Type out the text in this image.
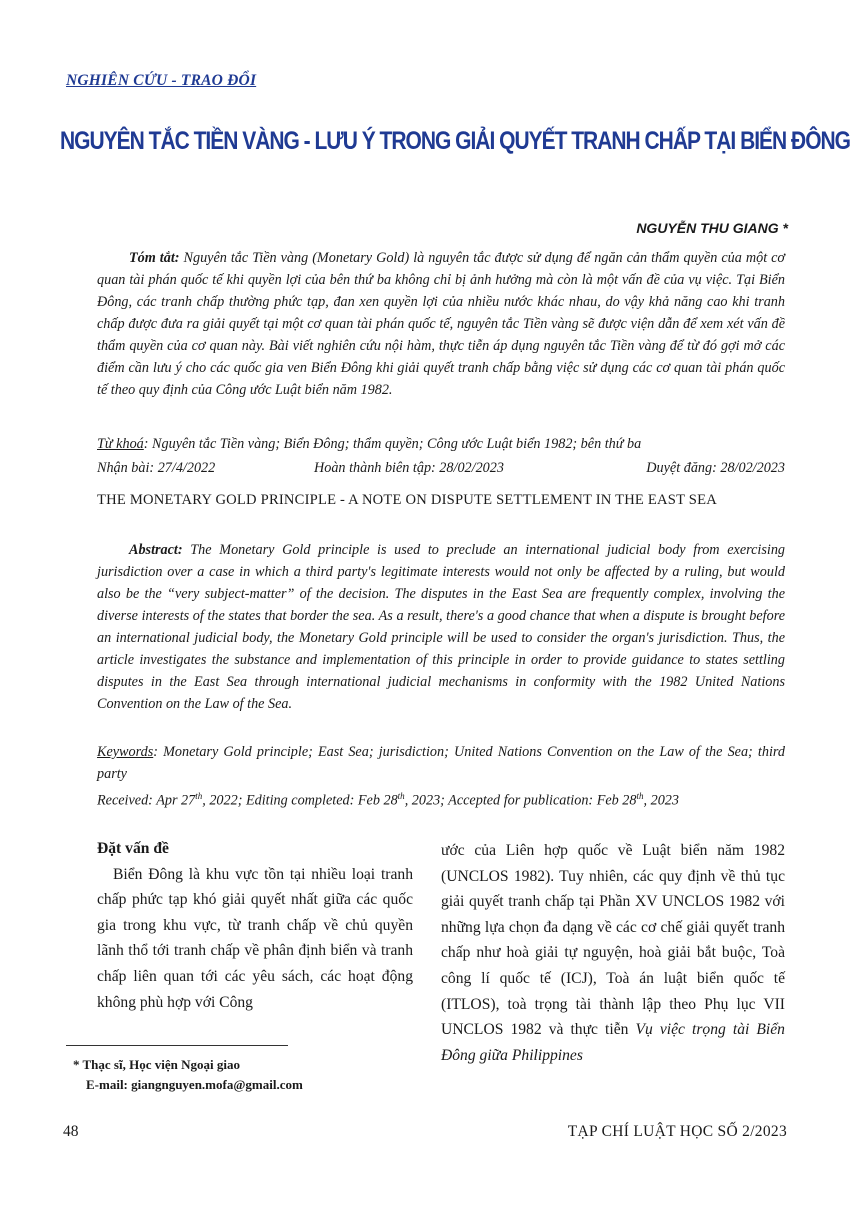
NGHIÊN CỨU - TRAO ĐỔI
NGUYÊN TẮC TIỀN VÀNG - LƯU Ý TRONG GIẢI QUYẾT TRANH CHẤP TẠI BIỂN ĐÔNG
NGUYỄN THU GIANG *
Tóm tắt: Nguyên tắc Tiền vàng (Monetary Gold) là nguyên tắc được sử dụng để ngăn cản thẩm quyền của một cơ quan tài phán quốc tế khi quyền lợi của bên thứ ba không chỉ bị ảnh hưởng mà còn là một vấn đề của vụ việc. Tại Biển Đông, các tranh chấp thường phức tạp, đan xen quyền lợi của nhiều nước khác nhau, do vậy khả năng cao khi tranh chấp được đưa ra giải quyết tại một cơ quan tài phán quốc tế, nguyên tắc Tiền vàng sẽ được viện dẫn để xem xét vấn đề thẩm quyền của cơ quan này. Bài viết nghiên cứu nội hàm, thực tiễn áp dụng nguyên tắc Tiền vàng để từ đó gợi mở các điểm cần lưu ý cho các quốc gia ven Biển Đông khi giải quyết tranh chấp bằng việc sử dụng các cơ quan tài phán quốc tế theo quy định của Công ước Luật biển năm 1982.
Từ khoá: Nguyên tắc Tiền vàng; Biển Đông; thẩm quyền; Công ước Luật biển 1982; bên thứ ba
Nhận bài: 27/4/2022	Hoàn thành biên tập: 28/02/2023	Duyệt đăng: 28/02/2023
THE MONETARY GOLD PRINCIPLE - A NOTE ON DISPUTE SETTLEMENT IN THE EAST SEA
Abstract: The Monetary Gold principle is used to preclude an international judicial body from exercising jurisdiction over a case in which a third party's legitimate interests would not only be affected by a ruling, but would also be the “very subject-matter” of the decision. The disputes in the East Sea are frequently complex, involving the diverse interests of the states that border the sea. As a result, there's a good chance that when a dispute is brought before an international judicial body, the Monetary Gold principle will be used to consider the organ's jurisdiction. Thus, the article investigates the substance and implementation of this principle in order to provide guidance to states settling disputes in the East Sea through international judicial mechanisms in conformity with the 1982 United Nations Convention on the Law of the Sea.
Keywords: Monetary Gold principle; East Sea; jurisdiction; United Nations Convention on the Law of the Sea; third party
Received: Apr 27th, 2022; Editing completed: Feb 28th, 2023; Accepted for publication: Feb 28th, 2023
Đặt vấn đề

Biển Đông là khu vực tồn tại nhiều loại tranh chấp phức tạp khó giải quyết nhất giữa các quốc gia trong khu vực, từ tranh chấp về chủ quyền lãnh thổ tới tranh chấp về phân định biển và tranh chấp liên quan tới các yêu sách, các hoạt động không phù hợp với Công

ước của Liên hợp quốc về Luật biển năm 1982 (UNCLOS 1982). Tuy nhiên, các quy định về thủ tục giải quyết tranh chấp tại Phần XV UNCLOS 1982 với những lựa chọn đa dạng về các cơ chế giải quyết tranh chấp như hoà giải tự nguyện, hoà giải bắt buộc, Toà công lí quốc tế (ICJ), Toà án luật biển quốc tế (ITLOS), toà trọng tài thành lập theo Phụ lục VII UNCLOS 1982 và thực tiễn Vụ việc trọng tài Biển Đông giữa Philippines

* Thạc sĩ, Học viện Ngoại giao
E-mail: giangnguyen.mofa@gmail.com
48	TẠP CHÍ LUẬT HỌC SỐ 2/2023
